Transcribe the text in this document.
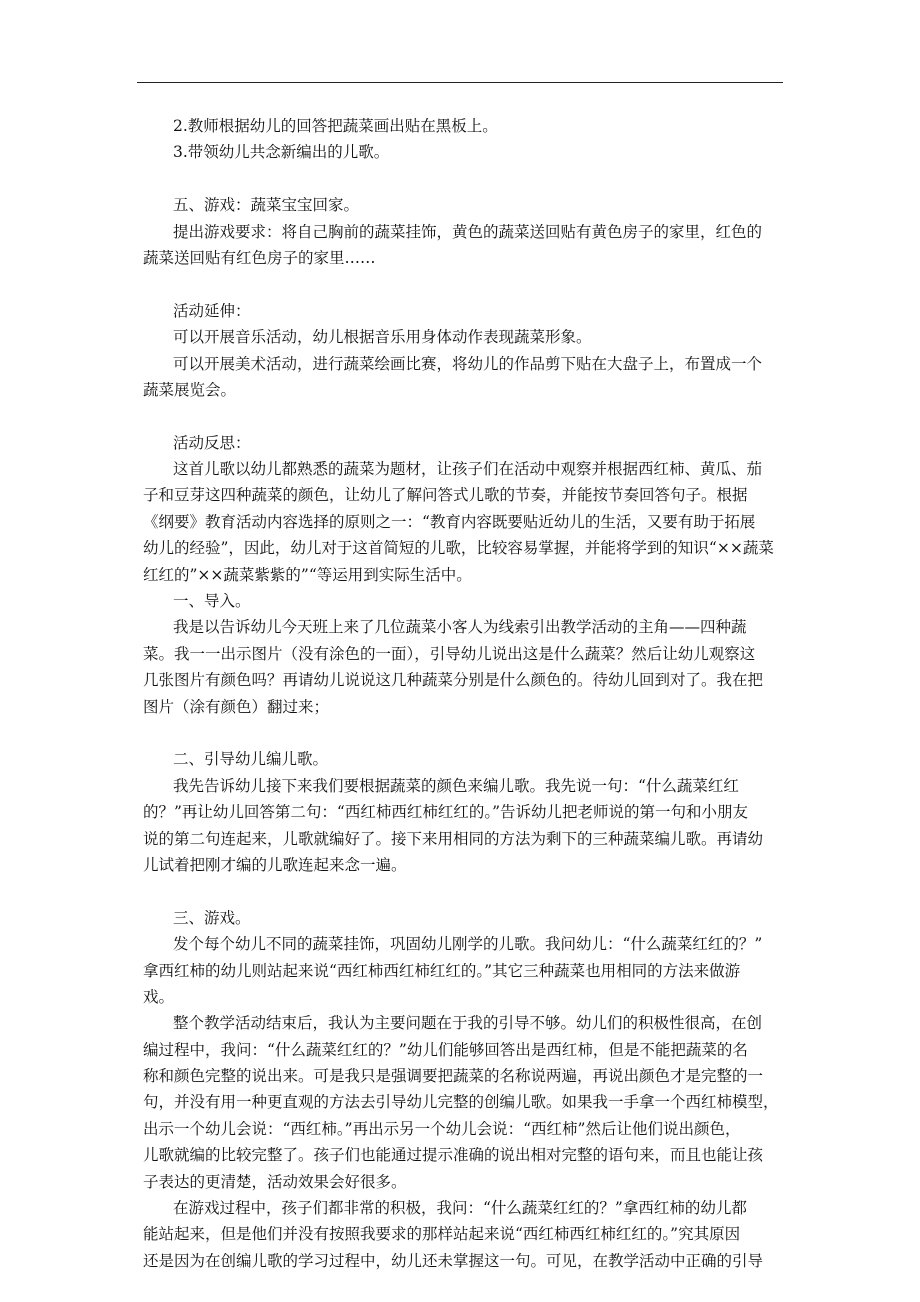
2.教师根据幼儿的回答把蔬菜画出贴在黑板上。
3.带领幼儿共念新编出的儿歌。
五、游戏：蔬菜宝宝回家。
提出游戏要求：将自己胸前的蔬菜挂饰，黄色的蔬菜送回贴有黄色房子的家里，红色的
蔬菜送回贴有红色房子的家里……
活动延伸：
可以开展音乐活动，幼儿根据音乐用身体动作表现蔬菜形象。
可以开展美术活动，进行蔬菜绘画比赛，将幼儿的作品剪下贴在大盘子上，布置成一个
蔬菜展览会。
活动反思：
这首儿歌以幼儿都熟悉的蔬菜为题材，让孩子们在活动中观察并根据西红柿、黄瓜、茄
子和豆芽这四种蔬菜的颜色，让幼儿了解问答式儿歌的节奏，并能按节奏回答句子。根据
《纲要》教育活动内容选择的原则之一：“教育内容既要贴近幼儿的生活，又要有助于拓展
幼儿的经验”，因此，幼儿对于这首简短的儿歌，比较容易掌握，并能将学到的知识“××蔬菜
红红的”××蔬菜紫紫的”“等运用到实际生活中。
一、导入。
我是以告诉幼儿今天班上来了几位蔬菜小客人为线索引出教学活动的主角——四种蔬
菜。我一一出示图片（没有涂色的一面），引导幼儿说出这是什么蔬菜？然后让幼儿观察这
几张图片有颜色吗？再请幼儿说说这几种蔬菜分别是什么颜色的。待幼儿回到对了。我在把
图片（涂有颜色）翻过来；
二、引导幼儿编儿歌。
我先告诉幼儿接下来我们要根据蔬菜的颜色来编儿歌。我先说一句：“什么蔬菜红红
的？”再让幼儿回答第二句：“西红柿西红柿红红的。”告诉幼儿把老师说的第一句和小朋友
说的第二句连起来，儿歌就编好了。接下来用相同的方法为剩下的三种蔬菜编儿歌。再请幼
儿试着把刚才编的儿歌连起来念一遍。
三、游戏。
发个每个幼儿不同的蔬菜挂饰，巩固幼儿刚学的儿歌。我问幼儿：“什么蔬菜红红的？”
拿西红柿的幼儿则站起来说“西红柿西红柿红红的。”其它三种蔬菜也用相同的方法来做游
戏。
整个教学活动结束后，我认为主要问题在于我的引导不够。幼儿们的积极性很高，在创
编过程中，我问：“什么蔬菜红红的？”幼儿们能够回答出是西红柿，但是不能把蔬菜的名
称和颜色完整的说出来。可是我只是强调要把蔬菜的名称说两遍，再说出颜色才是完整的一
句，并没有用一种更直观的方法去引导幼儿完整的创编儿歌。如果我一手拿一个西红柿模型，
出示一个幼儿会说：“西红柿。”再出示另一个幼儿会说：“西红柿”然后让他们说出颜色，
儿歌就编的比较完整了。孩子们也能通过提示准确的说出相对完整的语句来，而且也能让孩
子表达的更清楚，活动效果会好很多。
在游戏过程中，孩子们都非常的积极，我问：“什么蔬菜红红的？”拿西红柿的幼儿都
能站起来，但是他们并没有按照我要求的那样站起来说“西红柿西红柿红红的。”究其原因
还是因为在创编儿歌的学习过程中，幼儿还未掌握这一句。可见，在教学活动中正确的引导
